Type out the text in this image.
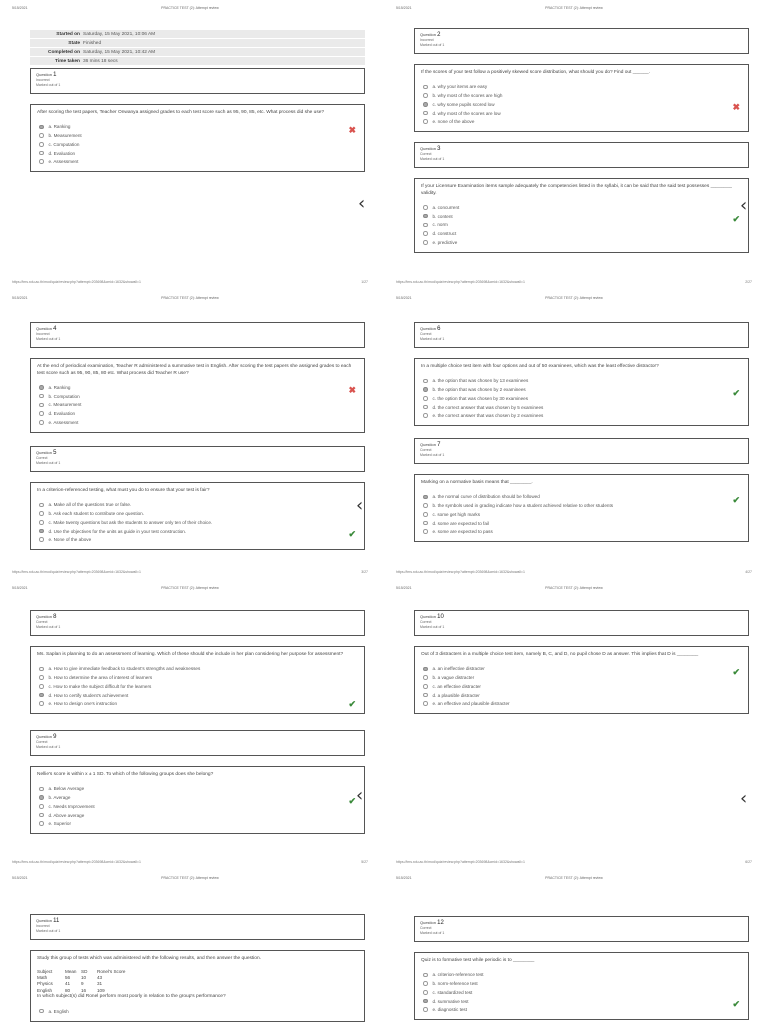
5/15/2021	PRACTICE TEST (2): Attempt review
Started on Saturday, 15 May 2021, 10:06 AM
State Finished
Completed on Saturday, 15 May 2021, 10:42 AM
Time taken 36 mins 18 secs
Question 1
Incorrect
Marked out of 1
After scoring the test papers, Teacher Onwanya assigned grades to each test score such as 95, 90, 85, etc. What process did she use?
a. Ranking
b. Measurement
c. Computation
d. Evaluation
e. Assessment
✖
‹
https://lms.xdu.ac.th/mod/quiz/review.php?attempt=203698&cmid=1632&showall=1	1/27
5/15/2021	PRACTICE TEST (2): Attempt review
Question 2
Incorrect
Marked out of 1
If the scores of your test follow a positively skewed score distribution, what should you do? Find out ______.
a. why your items are easy
b. why most of the scores are high
c. why some pupils scored low
d. why most of the scores are low
e. none of the above
✖
Question 3
Correct
Marked out of 1
If your Licensure Examination items sample adequately the competencies listed in the syllabi, it can be said that the said test possesses ________ validity.
a. concurrent
b. content
c. norm
d. construct
e. predictive
✔
‹
https://lms.xdu.ac.th/mod/quiz/review.php?attempt=203698&cmid=1632&showall=1	2/27
5/15/2021	PRACTICE TEST (2): Attempt review
Question 4
Incorrect
Marked out of 1
At the end of periodical examination, Teacher R administered a summative test in English. After scoring the test papers she assigned grades to each test score such as 95, 90, 85, 80 etc. What process did Teacher R use?
a. Ranking
b. Computation
c. Measurement
d. Evaluation
e. Assessment
✖
Question 5
Correct
Marked out of 1
In a criterion-referenced testing, what must you do to ensure that your test is fair?
a. Make all of the questions true or false.
b. Ask each student to contribute one question.
c. Make twenty questions but ask the students to answer only ten of their choice.
d. Use the objectives for the units as guide in your test construction.
e. None of the above
✔
‹
https://lms.xdu.ac.th/mod/quiz/review.php?attempt=203698&cmid=1632&showall=1	3/27
5/15/2021	PRACTICE TEST (2): Attempt review
Question 6
Correct
Marked out of 1
In a multiple choice test item with four options and out of 50 examinees, which was the least effective distractor?
a. the option that was chosen by 13 examinees
b. the option that was chosen by 2 examinees
c. the option that was chosen by 30 examinees
d. the correct answer that was chosen by 5 examinees
e. the correct answer that was chosen by 2 examinees
✔
Question 7
Correct
Marked out of 1
Marking on a normative basis means that ________.
a. the normal curve of distribution should be followed
b. the symbols used in grading indicate how a student achieved relative to other students
c. some get high marks
d. some are expected to fail
e. some are expected to pass
✔
https://lms.xdu.ac.th/mod/quiz/review.php?attempt=203698&cmid=1632&showall=1	4/27
5/15/2021	PRACTICE TEST (2): Attempt review
Question 8
Correct
Marked out of 1
Ms. Saplan is planning to do an assessment of learning. Which of these should she include in her plan considering her purpose for assessment?
a. How to give immediate feedback to student's strengths and weaknesses
b. How to determine the area of interest of learners
c. How to make the subject difficult for the learners
d. How to certify student's achievement
e. How to design one's instruction	✔
Question 9
Correct
Marked out of 1
Nellie's score is within x ± 1 SD. To which of the following groups does she belong?
a. Below Average
b. Average
c. Needs Improvement
d. Above average
e. Superior
✔ ‹
https://lms.xdu.ac.th/mod/quiz/review.php?attempt=203698&cmid=1632&showall=1	5/27
5/15/2021	PRACTICE TEST (2): Attempt review
Question 10
Correct
Marked out of 1
Out of 3 distracters in a multiple choice test item, namely B, C, and D, no pupil chose D as answer. This implies that D is ________
a. an ineffective distracter
b. a vague distracter
c. an effective distracter
d. a plausible distracter
e. an effective and plausible distracter
✔
‹
https://lms.xdu.ac.th/mod/quiz/review.php?attempt=203698&cmid=1632&showall=1	6/27
5/15/2021	PRACTICE TEST (2): Attempt review
Question 11
Incorrect
Marked out of 1
Study this group of tests which was administered with the following results, and then answer the question.
Subject	Mean SD	Ronel's Score
Math	56	10	43
Physics	41	9	31
English	80	16	109
In which subject(s) did Ronel perform most poorly in relation to the group's performance?
a. English
5/15/2021	PRACTICE TEST (2): Attempt review
Question 12
Correct
Marked out of 1
Quiz is to formative test while periodic is to ________
a. criterion-reference test
b. norm-reference test
c. standardized test
d. summative test
e. diagnostic test
✔
